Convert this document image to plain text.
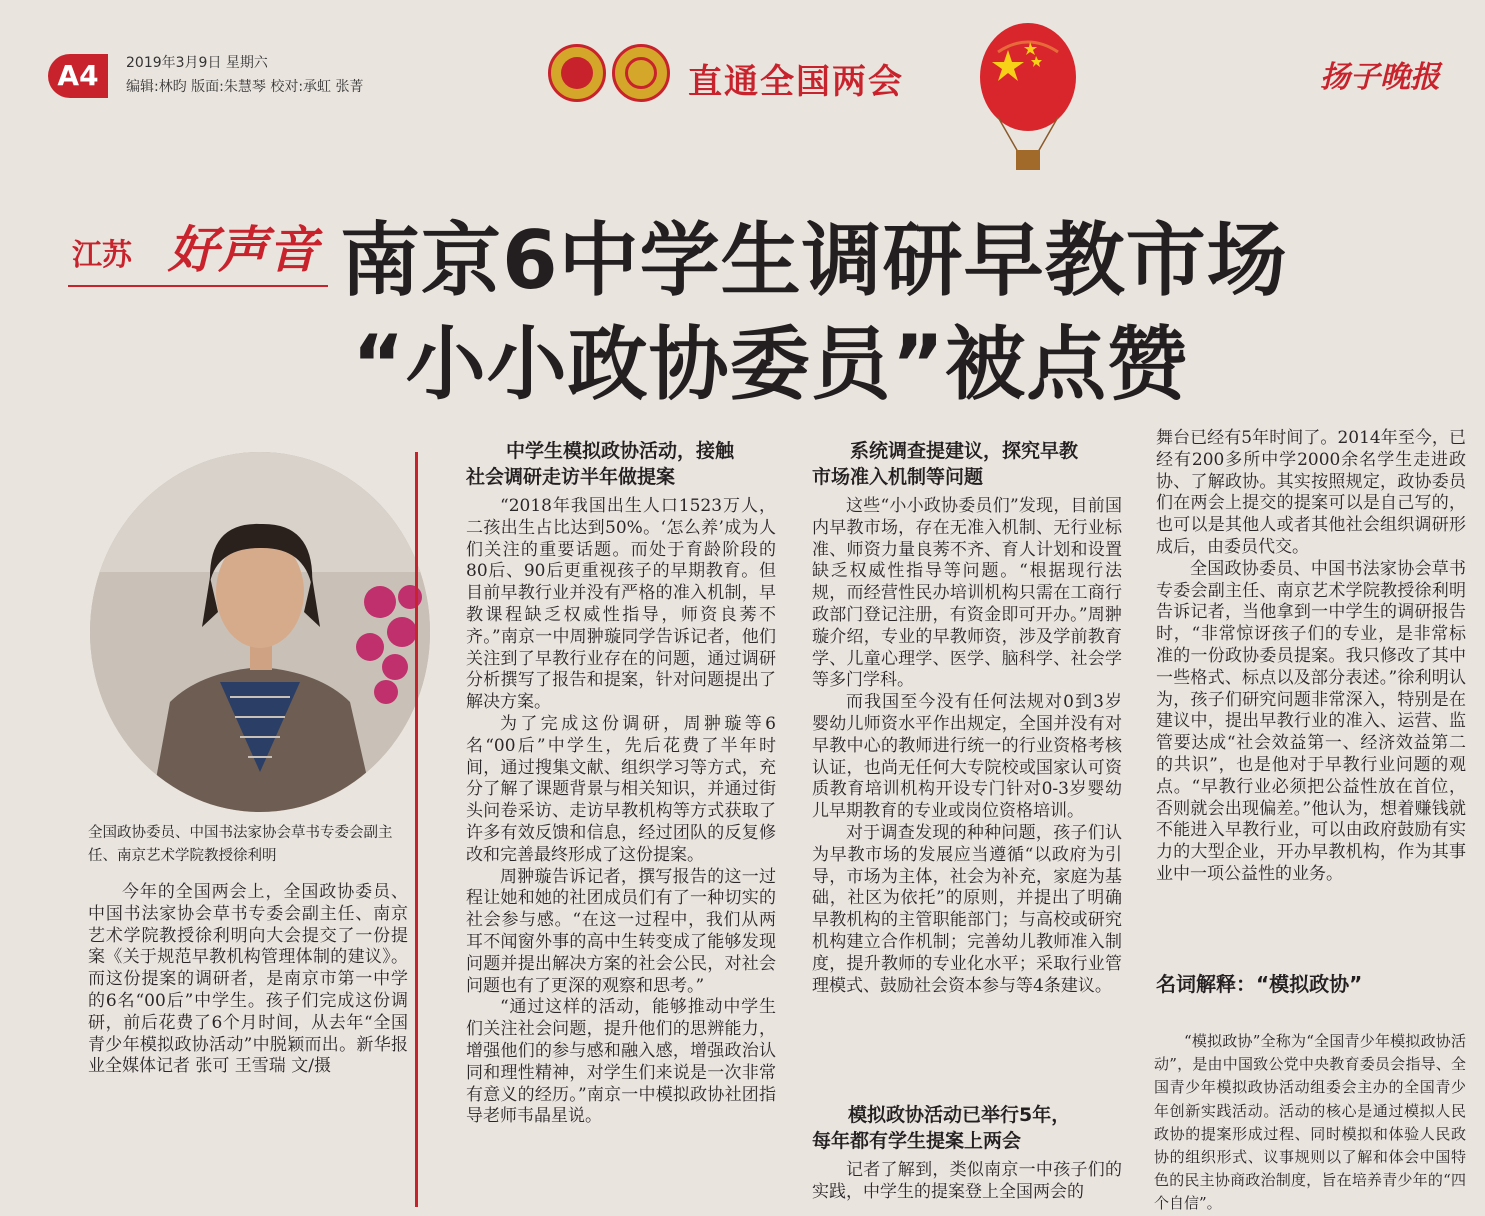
A4	2019年3月9日 星期六
编辑:林昀 版面:朱慧琴 校对:承虹 张菁	直通全国两会	扬子晚报
江苏 好声音 南京6中学生调研早教市场
“小小政协委员”被点赞
全国政协委员、中国书法家协会草书专委会副主任、南京艺术学院教授徐利明

今年的全国两会上，全国政协委员、中国书法家协会草书专委会副主任、南京艺术学院教授徐利明向大会提交了一份提案《关于规范早教机构管理体制的建议》。而这份提案的调研者，是南京市第一中学的6名“00后”中学生。孩子们完成这份调研，前后花费了6个月时间，从去年“全国青少年模拟政协活动”中脱颖而出。新华报业全媒体记者 张可 王雪瑞 文/摄

中学生模拟政协活动，接触
社会调研走访半年做提案

“2018年我国出生人口1523万人，二孩出生占比达到50%。‘怎么养’成为人们关注的重要话题。而处于育龄阶段的80后、90后更重视孩子的早期教育。但目前早教行业并没有严格的准入机制，早教课程缺乏权威性指导，师资良莠不齐。”南京一中周翀璇同学告诉记者，他们关注到了早教行业存在的问题，通过调研分析撰写了报告和提案，针对问题提出了解决方案。

为了完成这份调研，周翀璇等6名“00后”中学生，先后花费了半年时间，通过搜集文献、组织学习等方式，充分了解了课题背景与相关知识，并通过街头问卷采访、走访早教机构等方式获取了许多有效反馈和信息，经过团队的反复修改和完善最终形成了这份提案。

周翀璇告诉记者，撰写报告的这一过程让她和她的社团成员们有了一种切实的社会参与感。“在这一过程中，我们从两耳不闻窗外事的高中生转变成了能够发现问题并提出解决方案的社会公民，对社会问题也有了更深的观察和思考。”

“通过这样的活动，能够推动中学生们关注社会问题，提升他们的思辨能力，增强他们的参与感和融入感，增强政治认同和理性精神，对学生们来说是一次非常有意义的经历。”南京一中模拟政协社团指导老师韦晶星说。

系统调查提建议，探究早教
市场准入机制等问题

这些“小小政协委员们”发现，目前国内早教市场，存在无准入机制、无行业标准、师资力量良莠不齐、育人计划和设置缺乏权威性指导等问题。“根据现行法规，而经营性民办培训机构只需在工商行政部门登记注册，有资金即可开办。”周翀璇介绍，专业的早教师资，涉及学前教育学、儿童心理学、医学、脑科学、社会学等多门学科。

而我国至今没有任何法规对0到3岁婴幼儿师资水平作出规定，全国并没有对早教中心的教师进行统一的行业资格考核认证，也尚无任何大专院校或国家认可资质教育培训机构开设专门针对0-3岁婴幼儿早期教育的专业或岗位资格培训。

对于调查发现的种种问题，孩子们认为早教市场的发展应当遵循“以政府为引导，市场为主体，社会为补充，家庭为基础，社区为依托”的原则，并提出了明确早教机构的主管职能部门；与高校或研究机构建立合作机制；完善幼儿教师准入制度，提升教师的专业化水平；采取行业管理模式、鼓励社会资本参与等4条建议。

模拟政协活动已举行5年，
每年都有学生提案上两会

记者了解到，类似南京一中孩子们的实践，中学生的提案登上全国两会的

舞台已经有5年时间了。2014年至今，已经有200多所中学2000余名学生走进政协、了解政协。其实按照规定，政协委员们在两会上提交的提案可以是自己写的，也可以是其他人或者其他社会组织调研形成后，由委员代交。

全国政协委员、中国书法家协会草书专委会副主任、南京艺术学院教授徐利明告诉记者，当他拿到一中学生的调研报告时，“非常惊讶孩子们的专业，是非常标准的一份政协委员提案。我只修改了其中一些格式、标点以及部分表述。”徐利明认为，孩子们研究问题非常深入，特别是在建议中，提出早教行业的准入、运营、监管要达成“社会效益第一、经济效益第二的共识”，也是他对于早教行业问题的观点。“早教行业必须把公益性放在首位，否则就会出现偏差。”他认为，想着赚钱就不能进入早教行业，可以由政府鼓励有实力的大型企业，开办早教机构，作为其事业中一项公益性的业务。

名词解释：“模拟政协”

“模拟政协”全称为“全国青少年模拟政协活动”，是由中国致公党中央教育委员会指导、全国青少年模拟政协活动组委会主办的全国青少年创新实践活动。活动的核心是通过模拟人民政协的提案形成过程、同时模拟和体验人民政协的组织形式、议事规则以了解和体会中国特色的民主协商政治制度，旨在培养青少年的“四个自信”。
